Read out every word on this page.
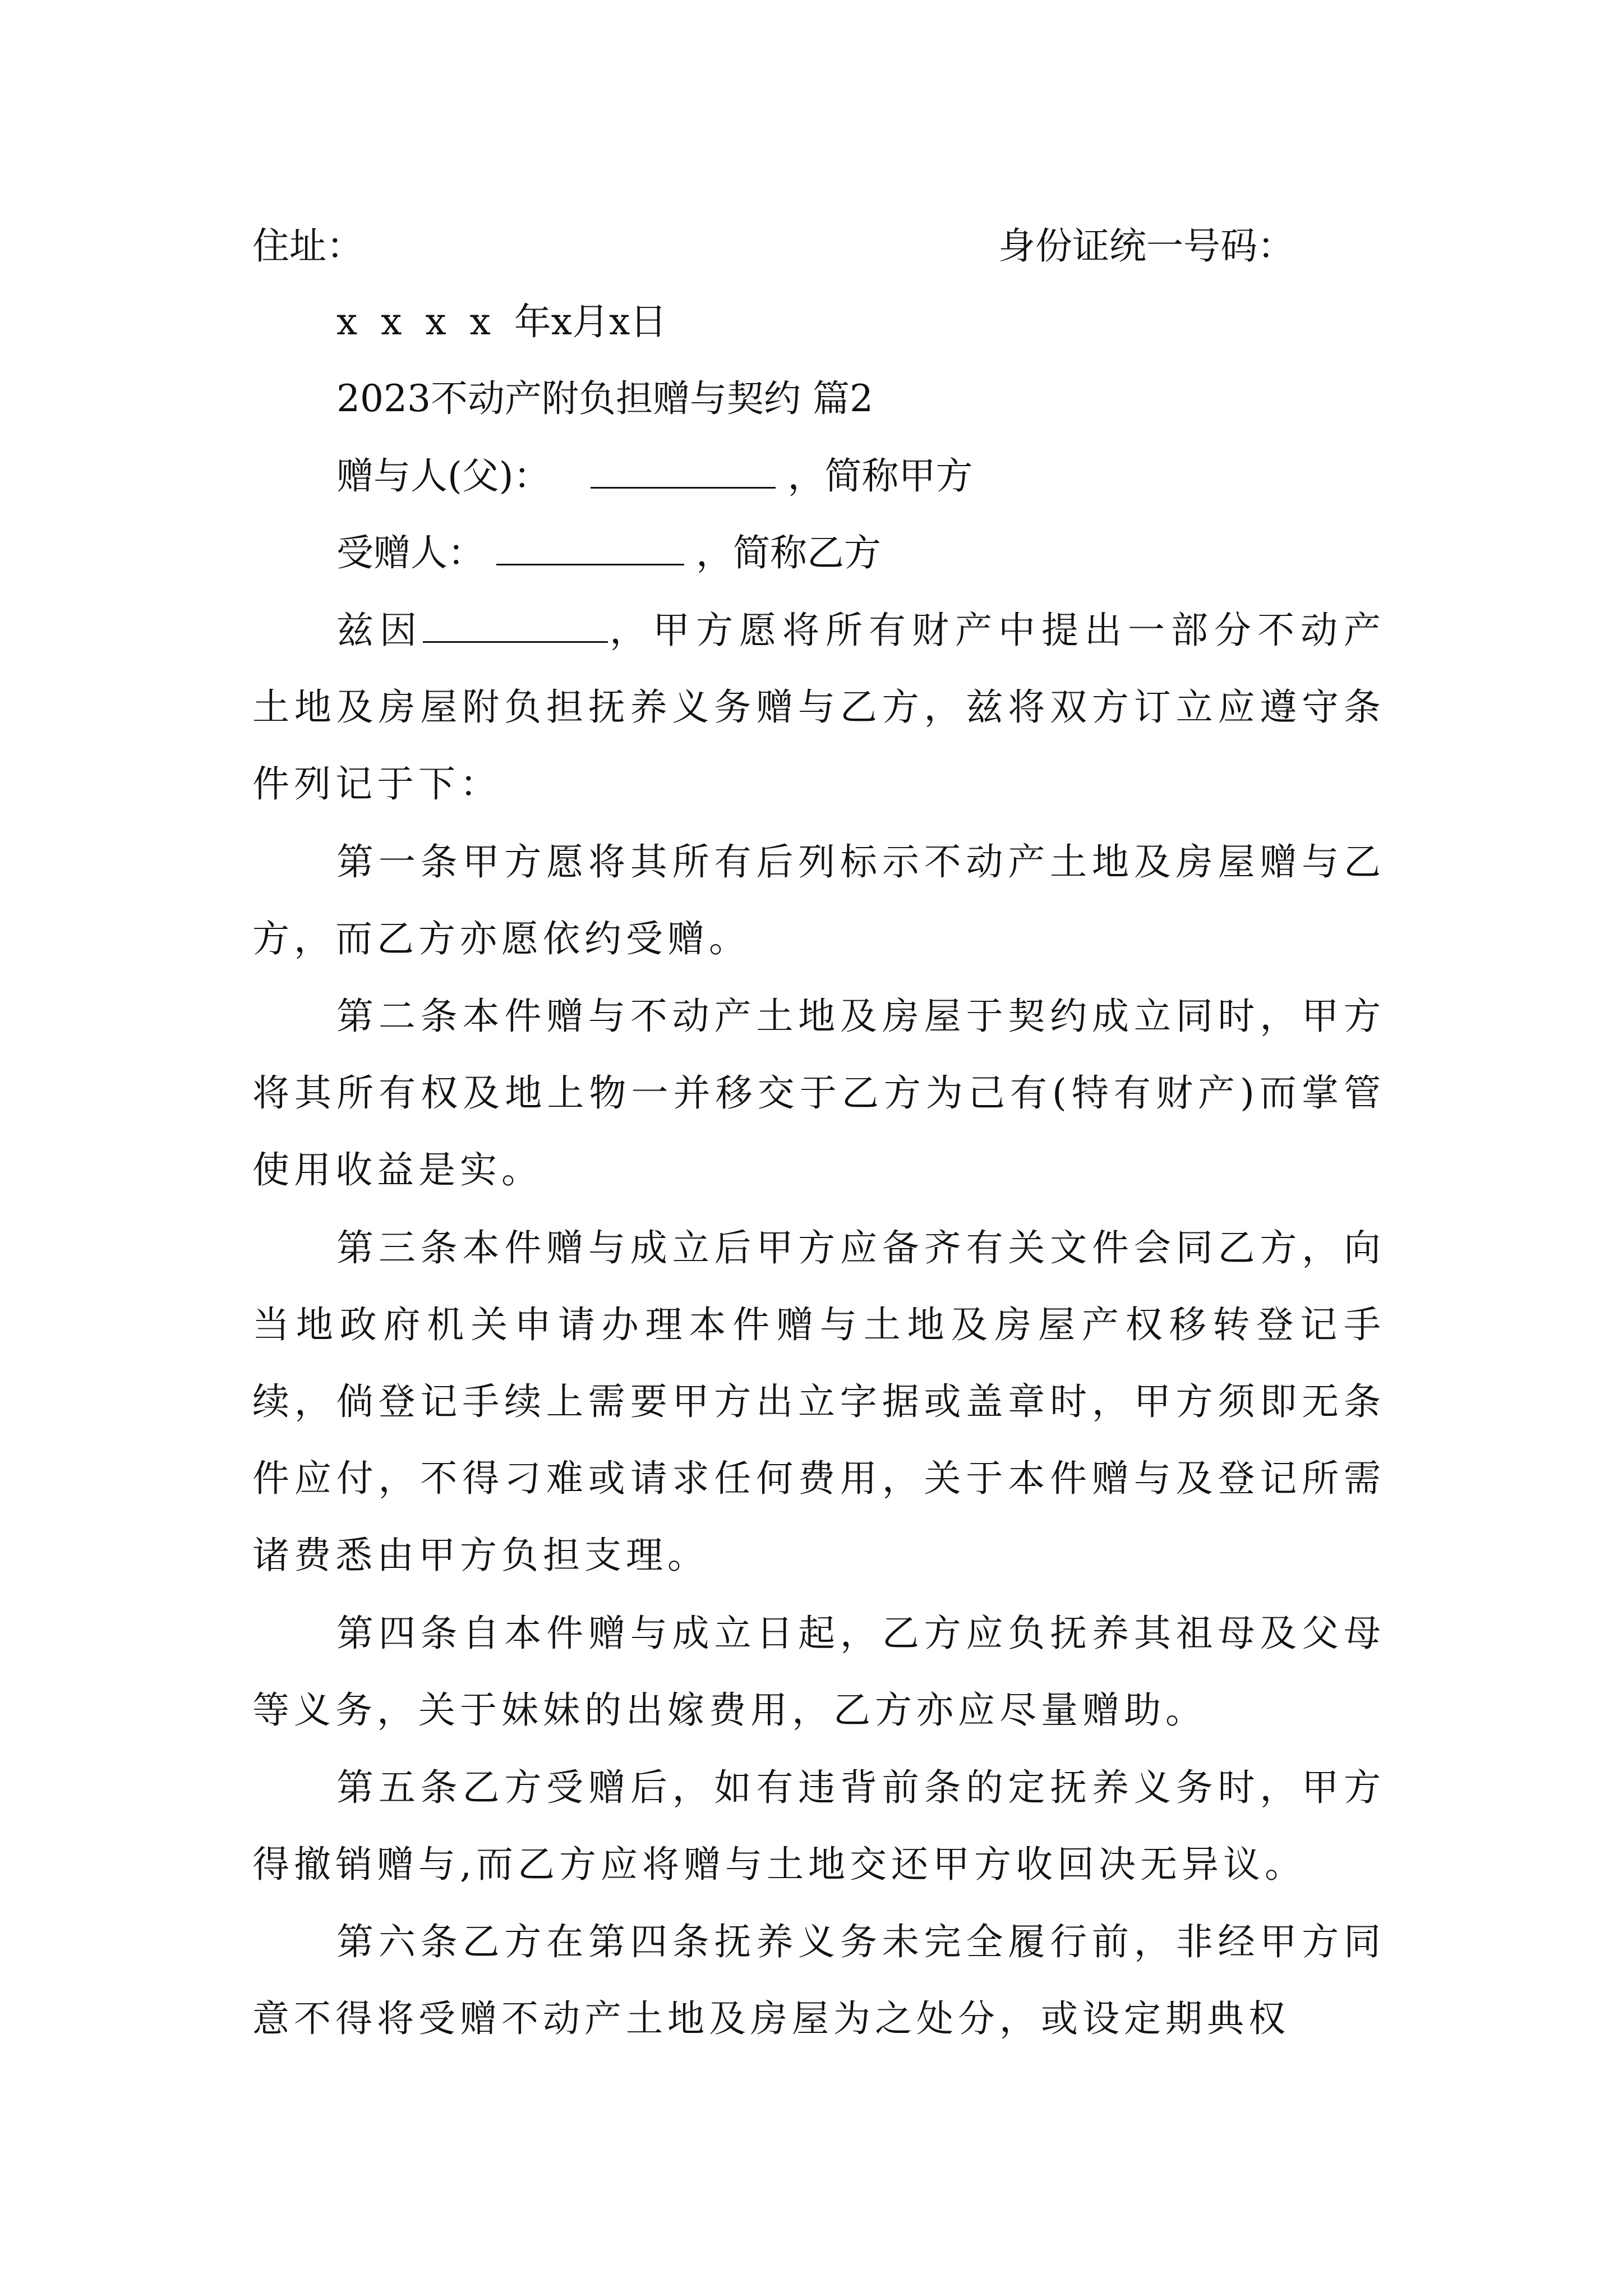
住址：	身份证统一号码：
x  x  x  x  年x月x日
2023不动产附负担赠与契约 篇2
赠与人(父)：	，简称甲方
受赠人：	，简称乙方
兹因	，甲方愿将所有财产中提出一部分不动产土地及房屋附负担抚养义务赠与乙方，兹将双方订立应遵守条件列记于下：
第一条甲方愿将其所有后列标示不动产土地及房屋赠与乙方，而乙方亦愿依约受赠。
第二条本件赠与不动产土地及房屋于契约成立同时，甲方将其所有权及地上物一并移交于乙方为己有(特有财产)而掌管使用收益是实。
第三条本件赠与成立后甲方应备齐有关文件会同乙方，向当地政府机关申请办理本件赠与土地及房屋产权移转登记手续，倘登记手续上需要甲方出立字据或盖章时，甲方须即无条件应付，不得刁难或请求任何费用，关于本件赠与及登记所需诸费悉由甲方负担支理。
第四条自本件赠与成立日起，乙方应负抚养其祖母及父母等义务，关于妹妹的出嫁费用，乙方亦应尽量赠助。
第五条乙方受赠后，如有违背前条的定抚养义务时，甲方得撤销赠与,而乙方应将赠与土地交还甲方收回决无异议。
第六条乙方在第四条抚养义务未完全履行前，非经甲方同意不得将受赠不动产土地及房屋为之处分，或设定期典权
